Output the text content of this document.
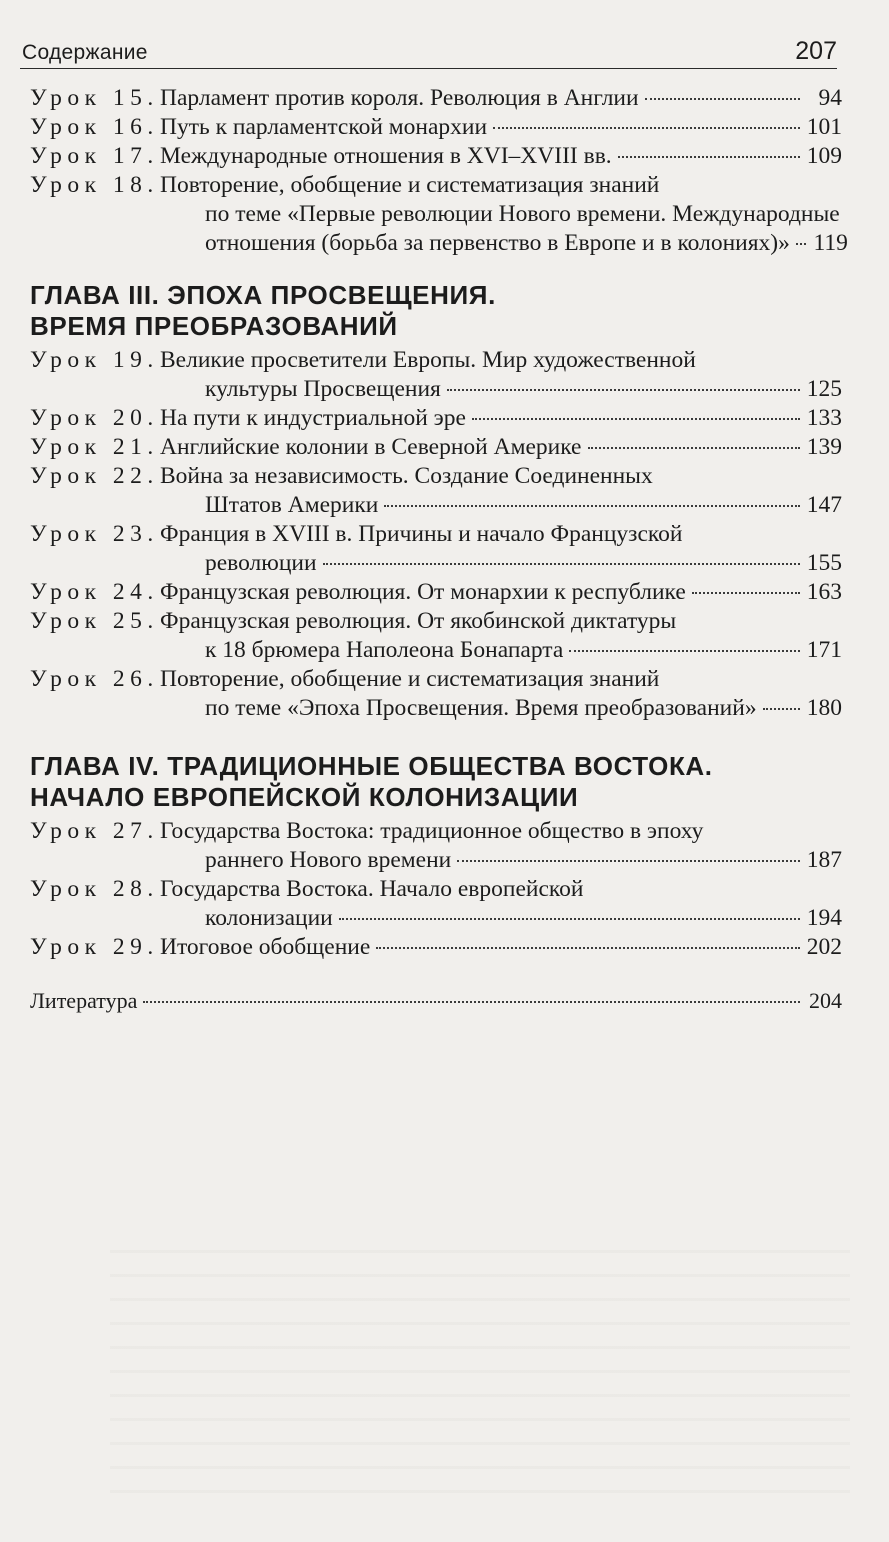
Содержание	207
Урок 15. Парламент против короля. Революция в Англии	94
Урок 16. Путь к парламентской монархии	101
Урок 17. Международные отношения в XVI–XVIII вв.	109
Урок 18. Повторение, обобщение и систематизация знаний
по теме «Первые революции Нового времени. Международные
отношения (борьба за первенство в Европе и в колониях)» 119
ГЛАВА III. ЭПОХА ПРОСВЕЩЕНИЯ.
ВРЕМЯ ПРЕОБРАЗОВАНИЙ
Урок 19. Великие просветители Европы. Мир художественной
культуры Просвещения	125
Урок 20. На пути к индустриальной эре	133
Урок 21. Английские колонии в Северной Америке	139
Урок 22. Война за независимость. Создание Соединенных
Штатов Америки	147
Урок 23. Франция в XVIII в. Причины и начало Французской
революции	155
Урок 24. Французская революция. От монархии к республике	163
Урок 25. Французская революция. От якобинской диктатуры
к 18 брюмера Наполеона Бонапарта	171
Урок 26. Повторение, обобщение и систематизация знаний
по теме «Эпоха Просвещения. Время преобразований» 180
ГЛАВА IV. ТРАДИЦИОННЫЕ ОБЩЕСТВА ВОСТОКА.
НАЧАЛО ЕВРОПЕЙСКОЙ КОЛОНИЗАЦИИ
Урок 27. Государства Востока: традиционное общество в эпоху
раннего Нового времени	187
Урок 28. Государства Востока. Начало европейской
колонизации	194
Урок 29. Итоговое обобщение	202
Литература	204
